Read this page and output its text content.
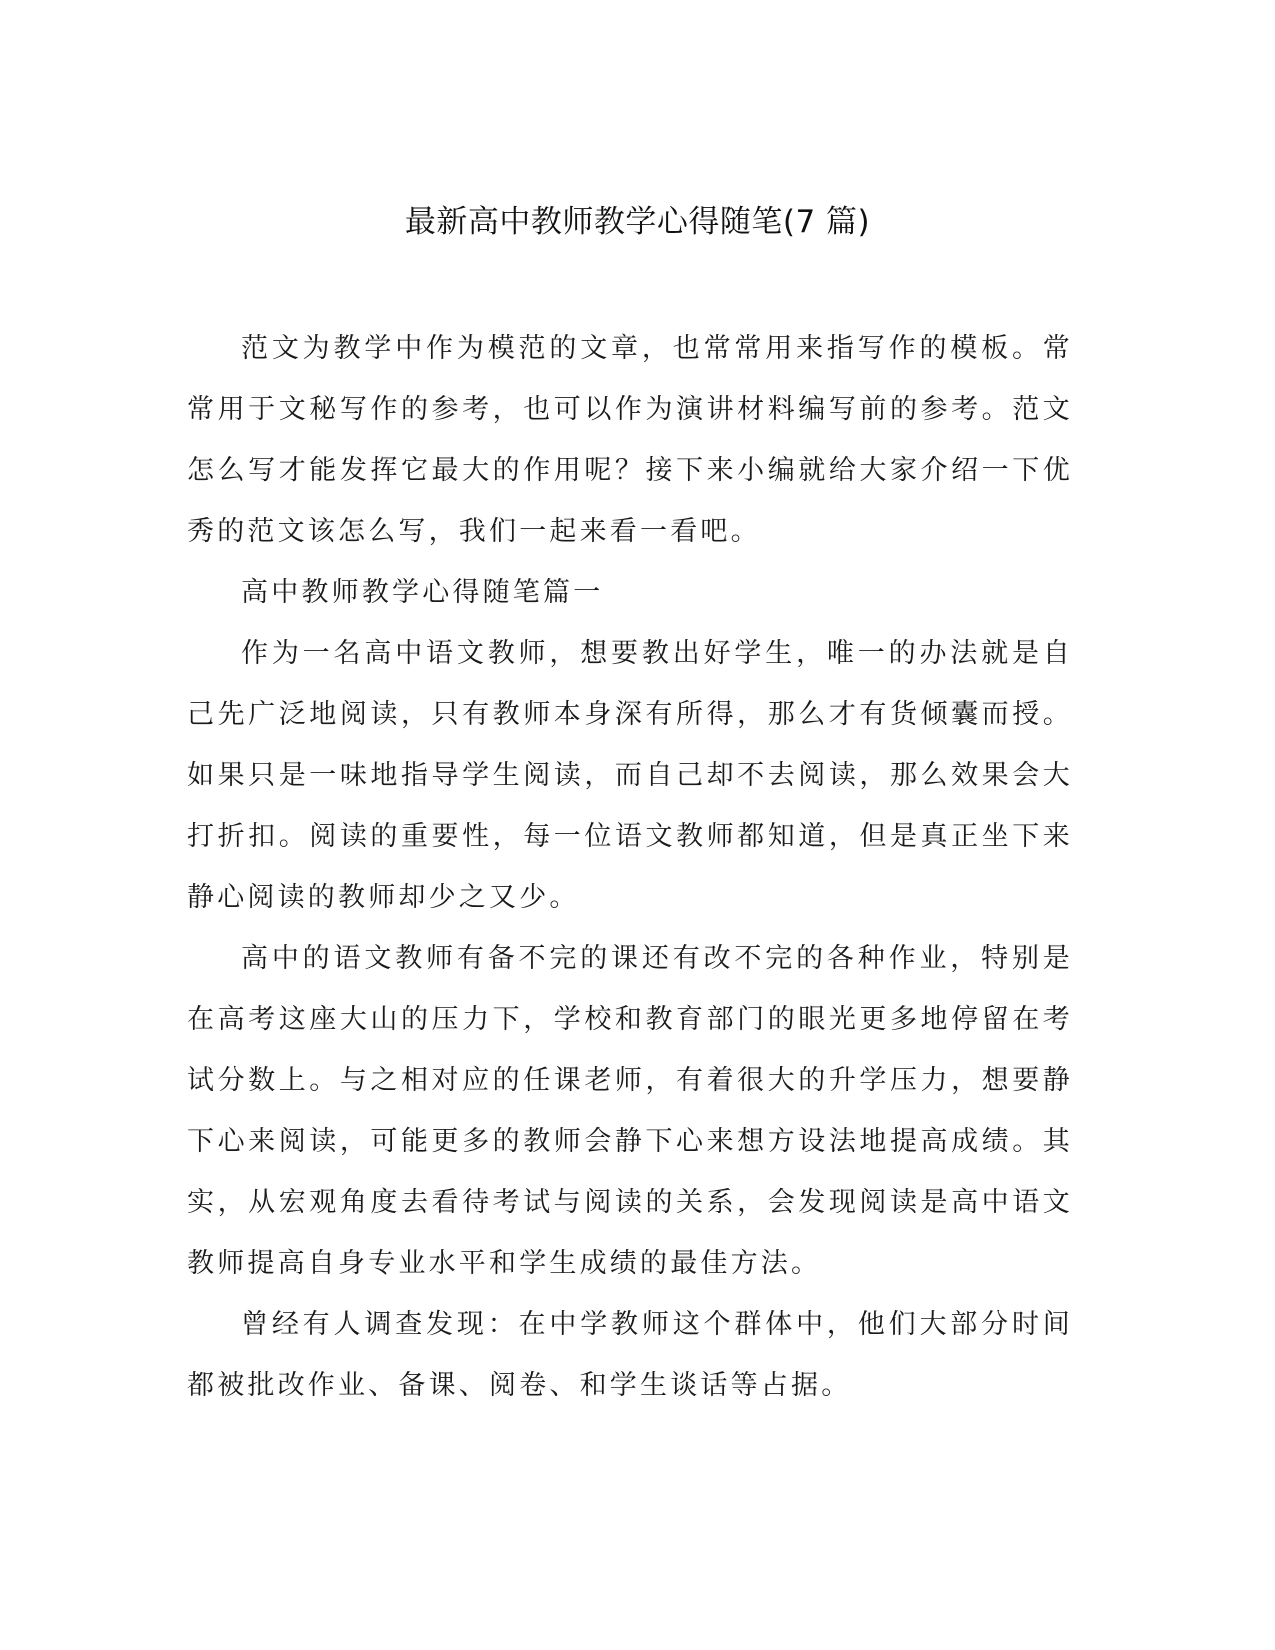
最新高中教师教学心得随笔(7 篇)

范文为教学中作为模范的文章，也常常用来指写作的模板。常常用于文秘写作的参考，也可以作为演讲材料编写前的参考。范文怎么写才能发挥它最大的作用呢？接下来小编就给大家介绍一下优秀的范文该怎么写，我们一起来看一看吧。

高中教师教学心得随笔篇一

作为一名高中语文教师，想要教出好学生，唯一的办法就是自己先广泛地阅读，只有教师本身深有所得，那么才有货倾囊而授。如果只是一味地指导学生阅读，而自己却不去阅读，那么效果会大打折扣。阅读的重要性，每一位语文教师都知道，但是真正坐下来静心阅读的教师却少之又少。

高中的语文教师有备不完的课还有改不完的各种作业，特别是在高考这座大山的压力下，学校和教育部门的眼光更多地停留在考试分数上。与之相对应的任课老师，有着很大的升学压力，想要静下心来阅读，可能更多的教师会静下心来想方设法地提高成绩。其实，从宏观角度去看待考试与阅读的关系，会发现阅读是高中语文教师提高自身专业水平和学生成绩的最佳方法。

曾经有人调查发现：在中学教师这个群体中，他们大部分时间都被批改作业、备课、阅卷、和学生谈话等占据。
